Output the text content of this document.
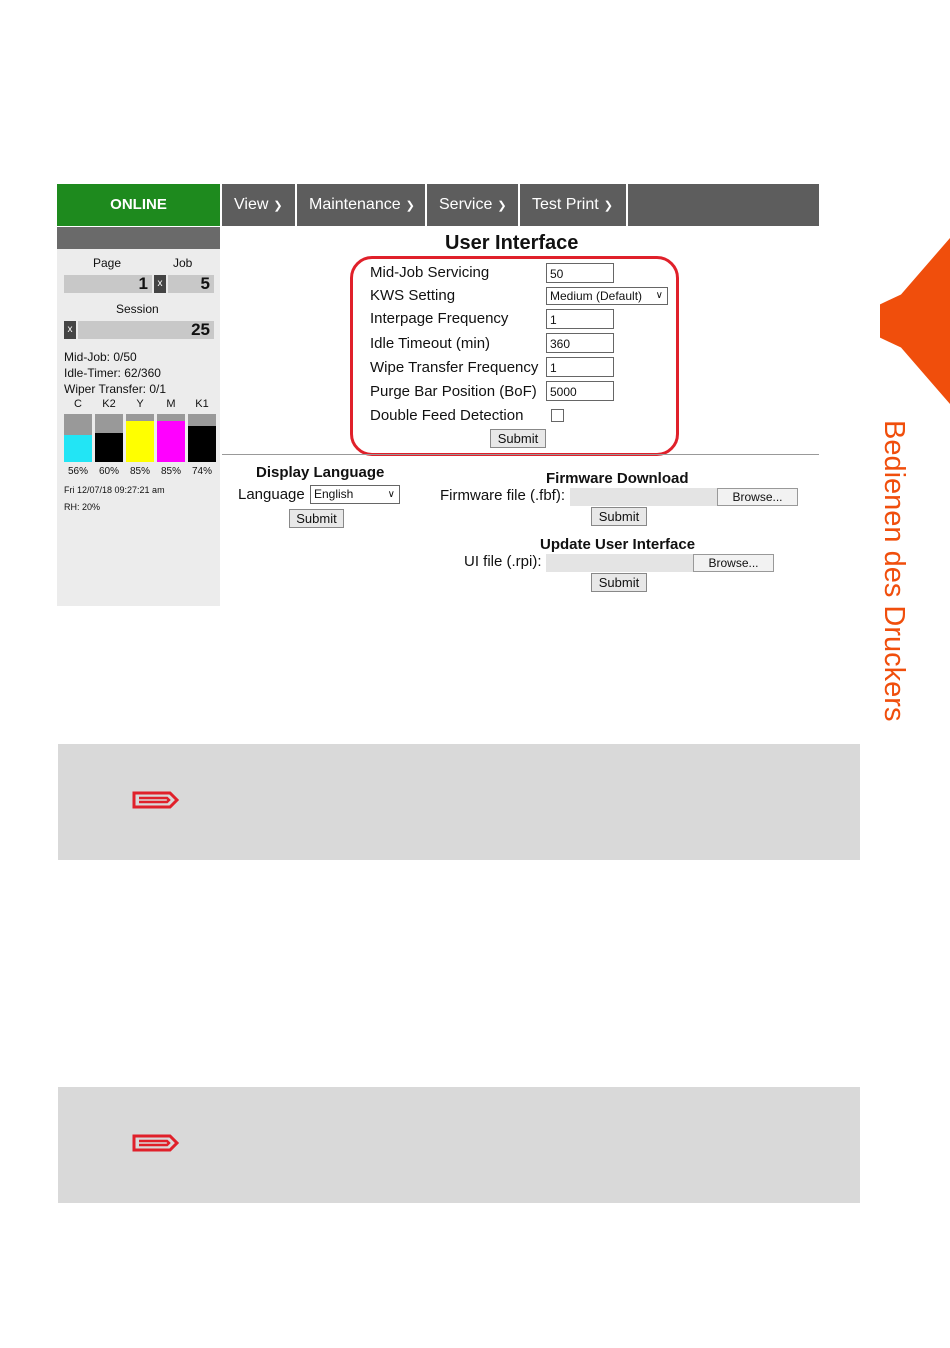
Bedienen des Druckers
ONLINE	View ❯	Maintenance ❯	Service ❯	Test Print ❯
Page	Job
1 x	5
Session
x	25
Mid-Job: 0/50
Idle-Timer: 62/360
Wiper Transfer: 0/1
C
56%
K2
60%
Y
85%
M
85%
K1
74%
Fri 12/07/18 09:27:21 am
RH: 20%
User Interface
Mid-Job Servicing	50
KWS Setting	Medium (Default) ∨
Interpage Frequency	1
Idle Timeout (min)	360
Wipe Transfer Frequency 1
Purge Bar Position (BoF)	5000
Double Feed Detection
Submit
Display Language
Language English	∨
Submit
Firmware Download
Firmware file (.fbf):	Browse...
Submit
Update User Interface
UI file (.rpi):	Browse...
Submit
